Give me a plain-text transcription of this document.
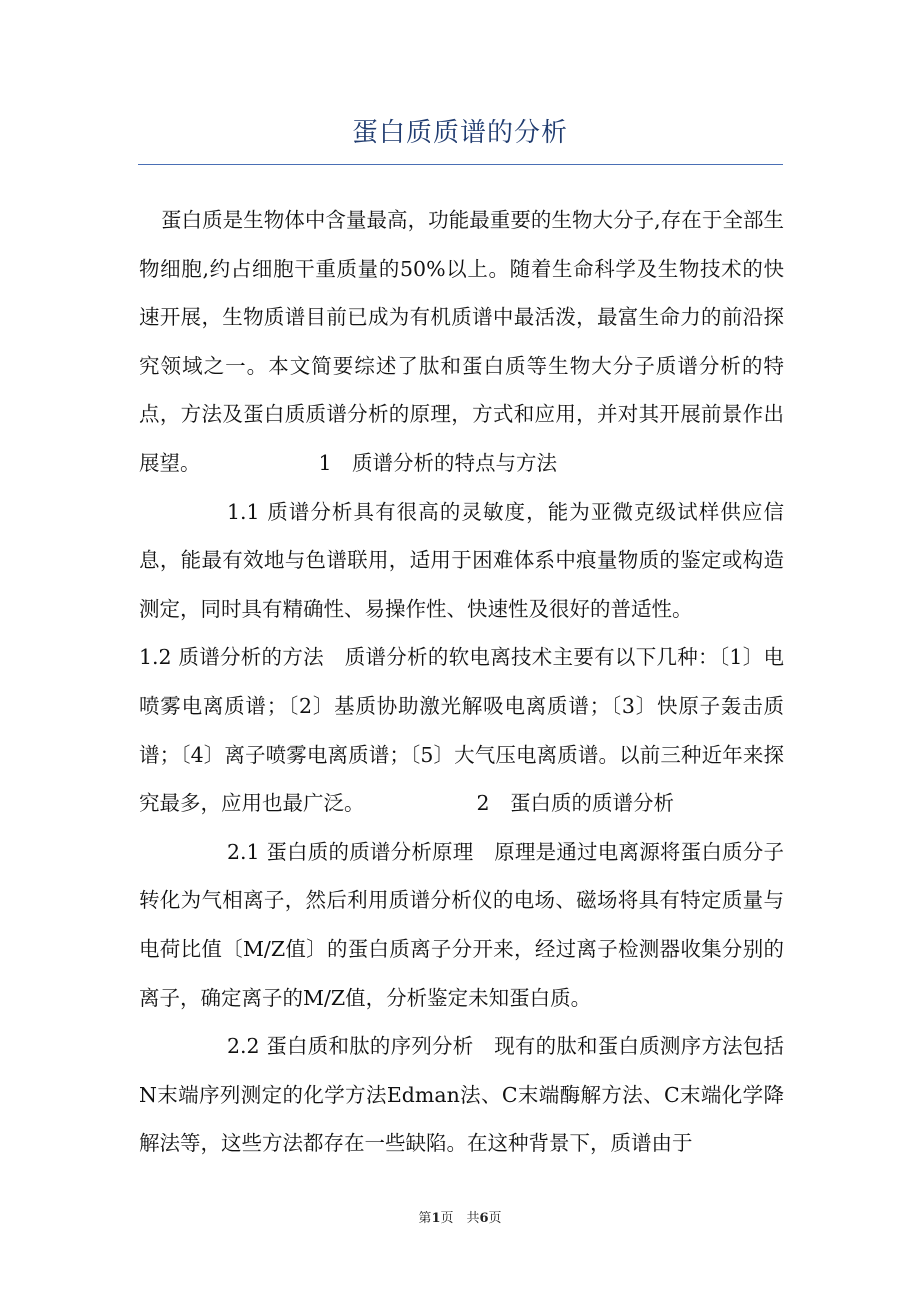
蛋白质质谱的分析

蛋白质是生物体中含量最高，功能最重要的生物大分子,存在于全部生物细胞,约占细胞干重质量的50%以上。随着生命科学及生物技术的快速开展，生物质谱目前已成为有机质谱中最活泼，最富生命力的前沿探究领域之一。本文简要综述了肽和蛋白质等生物大分子质谱分析的特点，方法及蛋白质质谱分析的原理，方式和应用，并对其开展前景作出展望。	1　质谱分析的特点与方法

1.1 质谱分析具有很高的灵敏度，能为亚微克级试样供应信息，能最有效地与色谱联用，适用于困难体系中痕量物质的鉴定或构造测定，同时具有精确性、易操作性、快速性及很好的普适性。

1.2 质谱分析的方法　质谱分析的软电离技术主要有以下几种：〔1〕电喷雾电离质谱；〔2〕基质协助激光解吸电离质谱；〔3〕快原子轰击质谱；〔4〕离子喷雾电离质谱；〔5〕大气压电离质谱。以前三种近年来探究最多，应用也最广泛。	2　蛋白质的质谱分析

2.1 蛋白质的质谱分析原理　原理是通过电离源将蛋白质分子转化为气相离子，然后利用质谱分析仪的电场、磁场将具有特定质量与电荷比值〔M/Z值〕的蛋白质离子分开来，经过离子检测器收集分别的离子，确定离子的M/Z值，分析鉴定未知蛋白质。

2.2 蛋白质和肽的序列分析　现有的肽和蛋白质测序方法包括N末端序列测定的化学方法Edman法、C末端酶解方法、C末端化学降解法等，这些方法都存在一些缺陷。在这种背景下，质谱由于

第1页　共6页
